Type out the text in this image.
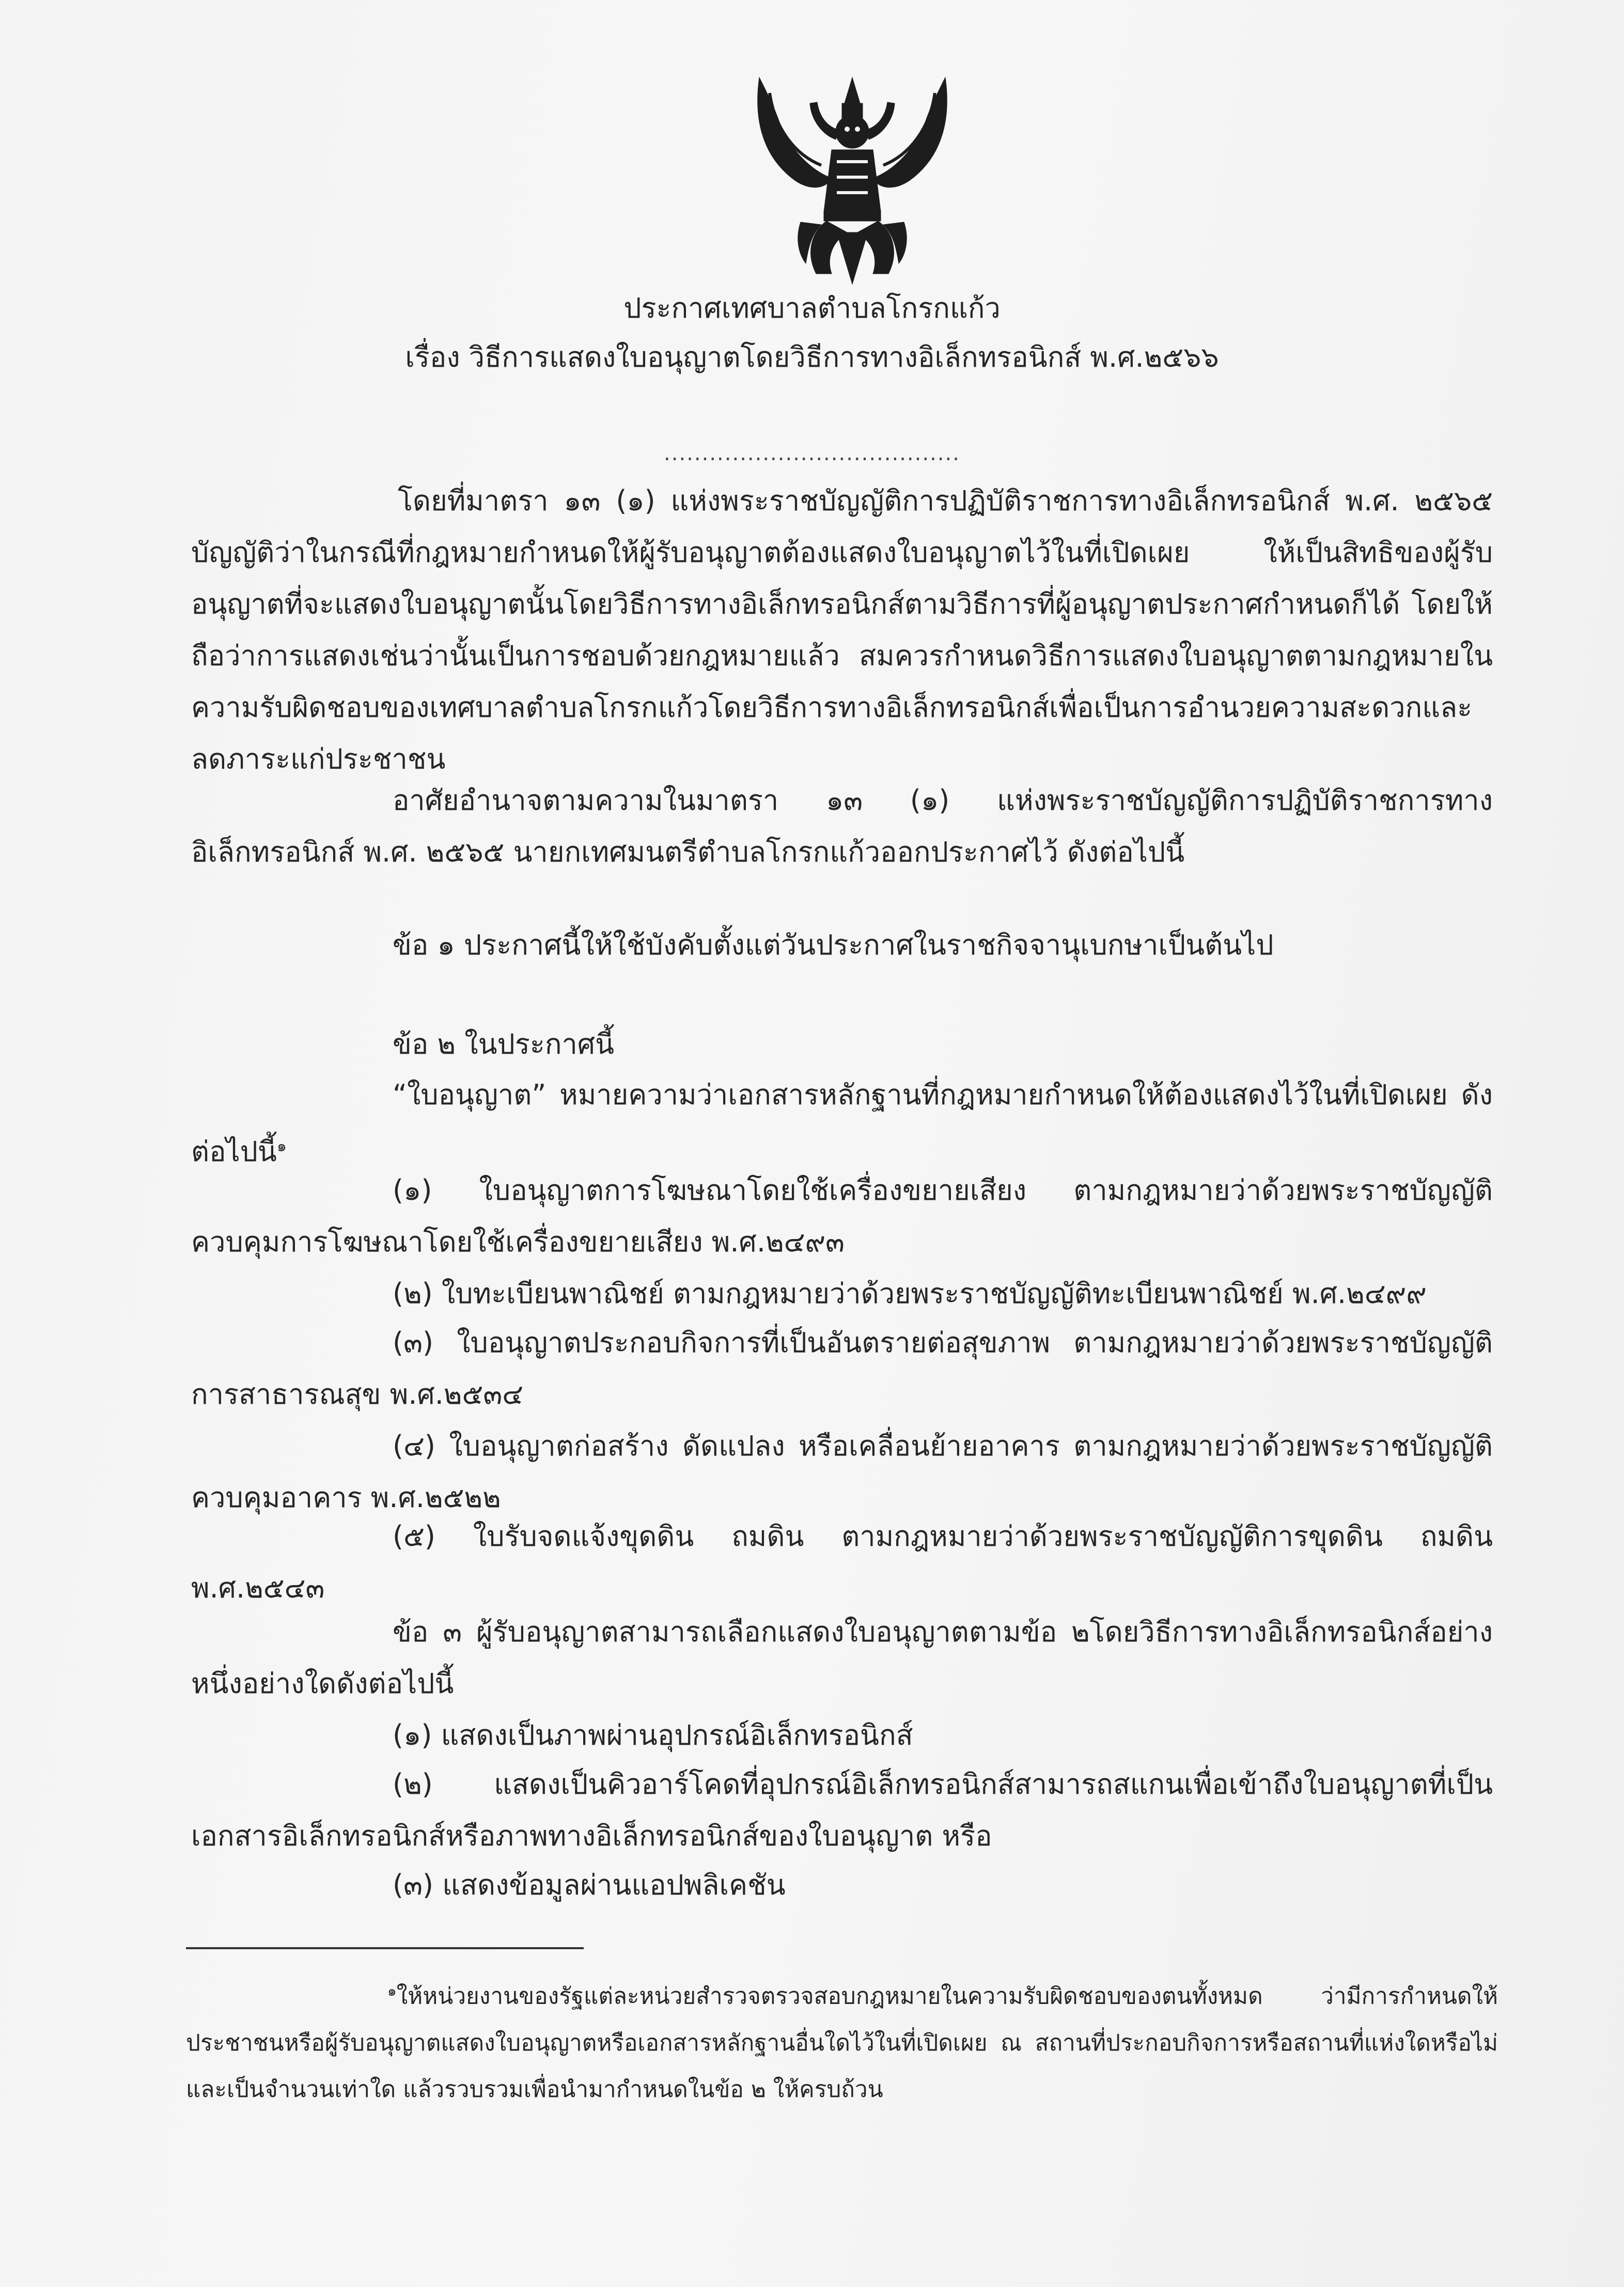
ประกาศเทศบาลตำบลโกรกแก้ว
เรื่อง วิธีการแสดงใบอนุญาตโดยวิธีการทางอิเล็กทรอนิกส์ พ.ศ.๒๕๖๖
.......................................
โดยที่มาตรา ๑๓ (๑) แห่งพระราชบัญญัติการปฏิบัติราชการทางอิเล็กทรอนิกส์ พ.ศ. ๒๕๖๕ บัญญัติว่าในกรณีที่กฎหมายกำหนดให้ผู้รับอนุญาตต้องแสดงใบอนุญาตไว้ในที่เปิดเผย ให้เป็นสิทธิของผู้รับอนุญาตที่จะแสดงใบอนุญาตนั้นโดยวิธีการทางอิเล็กทรอนิกส์ตามวิธีการที่ผู้อนุญาตประกาศกำหนดก็ได้ โดยให้ถือว่าการแสดงเช่นว่านั้นเป็นการชอบด้วยกฎหมายแล้ว สมควรกำหนดวิธีการแสดงใบอนุญาตตามกฎหมายในความรับผิดชอบของเทศบาลตำบลโกรกแก้วโดยวิธีการทางอิเล็กทรอนิกส์เพื่อเป็นการอำนวยความสะดวกและลดภาระแก่ประชาชน
อาศัยอำนาจตามความในมาตรา ๑๓ (๑) แห่งพระราชบัญญัติการปฏิบัติราชการทางอิเล็กทรอนิกส์ พ.ศ. ๒๕๖๕ นายกเทศมนตรีตำบลโกรกแก้วออกประกาศไว้ ดังต่อไปนี้
ข้อ ๑ ประกาศนี้ให้ใช้บังคับตั้งแต่วันประกาศในราชกิจจานุเบกษาเป็นต้นไป
ข้อ ๒ ในประกาศนี้
“ใบอนุญาต” หมายความว่าเอกสารหลักฐานที่กฎหมายกำหนดให้ต้องแสดงไว้ในที่เปิดเผย ดังต่อไปนี้$^๑$
(๑) ใบอนุญาตการโฆษณาโดยใช้เครื่องขยายเสียง ตามกฎหมายว่าด้วยพระราชบัญญัติควบคุมการโฆษณาโดยใช้เครื่องขยายเสียง พ.ศ.๒๔๙๓
(๒) ใบทะเบียนพาณิชย์ ตามกฎหมายว่าด้วยพระราชบัญญัติทะเบียนพาณิชย์ พ.ศ.๒๔๙๙
(๓) ใบอนุญาตประกอบกิจการที่เป็นอันตรายต่อสุขภาพ ตามกฎหมายว่าด้วยพระราชบัญญัติการสาธารณสุข พ.ศ.๒๕๓๔
(๔) ใบอนุญาตก่อสร้าง ดัดแปลง หรือเคลื่อนย้ายอาคาร ตามกฎหมายว่าด้วยพระราชบัญญัติควบคุมอาคาร พ.ศ.๒๕๒๒
(๕) ใบรับจดแจ้งขุดดิน ถมดิน ตามกฎหมายว่าด้วยพระราชบัญญัติการขุดดิน ถมดิน พ.ศ.๒๕๔๓
ข้อ ๓ ผู้รับอนุญาตสามารถเลือกแสดงใบอนุญาตตามข้อ ๒โดยวิธีการทางอิเล็กทรอนิกส์อย่างหนึ่งอย่างใดดังต่อไปนี้
(๑) แสดงเป็นภาพผ่านอุปกรณ์อิเล็กทรอนิกส์
(๒) แสดงเป็นคิวอาร์โคดที่อุปกรณ์อิเล็กทรอนิกส์สามารถสแกนเพื่อเข้าถึงใบอนุญาตที่เป็นเอกสารอิเล็กทรอนิกส์หรือภาพทางอิเล็กทรอนิกส์ของใบอนุญาต หรือ
(๓) แสดงข้อมูลผ่านแอปพลิเคชัน
$^๑$ให้หน่วยงานของรัฐแต่ละหน่วยสำรวจตรวจสอบกฎหมายในความรับผิดชอบของตนทั้งหมด ว่ามีการกำหนดให้ประชาชนหรือผู้รับอนุญาตแสดงใบอนุญาตหรือเอกสารหลักฐานอื่นใดไว้ในที่เปิดเผย ณ สถานที่ประกอบกิจการหรือสถานที่แห่งใดหรือไม่ และเป็นจำนวนเท่าใด แล้วรวบรวมเพื่อนำมากำหนดในข้อ ๒ ให้ครบถ้วน
